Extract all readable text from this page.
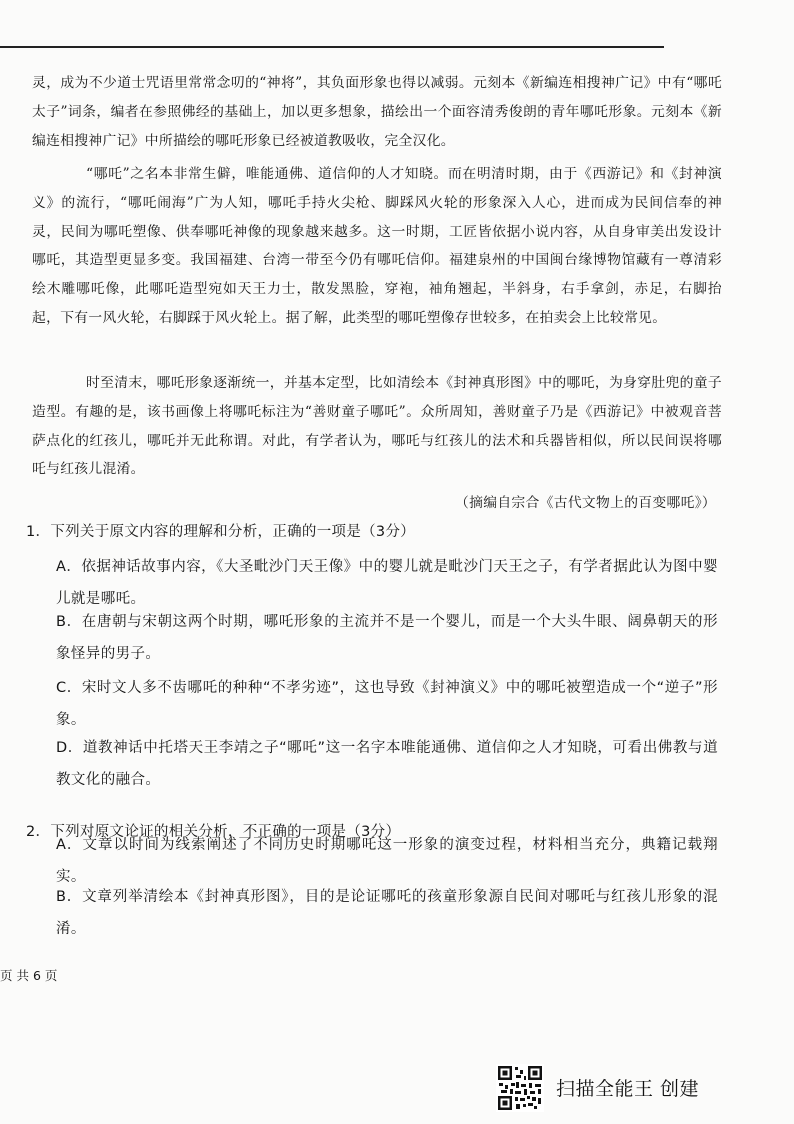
灵，成为不少道士咒语里常常念叨的“神将”，其负面形象也得以减弱。元刻本《新编连相搜神广记》中有“哪吒太子”词条，编者在参照佛经的基础上，加以更多想象，描绘出一个面容清秀俊朗的青年哪吒形象。元刻本《新编连相搜神广记》中所描绘的哪吒形象已经被道教吸收，完全汉化。

“哪吒”之名本非常生僻，唯能通佛、道信仰的人才知晓。而在明清时期，由于《西游记》和《封神演义》的流行，“哪吒闹海”广为人知，哪吒手持火尖枪、脚踩风火轮的形象深入人心，进而成为民间信奉的神灵，民间为哪吒塑像、供奉哪吒神像的现象越来越多。这一时期，工匠皆依据小说内容，从自身审美出发设计哪吒，其造型更显多变。我国福建、台湾一带至今仍有哪吒信仰。福建泉州的中国闽台缘博物馆藏有一尊清彩绘木雕哪吒像，此哪吒造型宛如天王力士，散发黑脸，穿袍，袖角翘起，半斜身，右手拿剑，赤足，右脚抬起，下有一风火轮，右脚踩于风火轮上。据了解，此类型的哪吒塑像存世较多，在拍卖会上比较常见。

时至清末，哪吒形象逐渐统一，并基本定型，比如清绘本《封神真形图》中的哪吒，为身穿肚兜的童子造型。有趣的是，该书画像上将哪吒标注为“善财童子哪吒”。众所周知，善财童子乃是《西游记》中被观音菩萨点化的红孩儿，哪吒并无此称谓。对此，有学者认为，哪吒与红孩儿的法术和兵器皆相似，所以民间误将哪吒与红孩儿混淆。

（摘编自宗合《古代文物上的百变哪吒》）

1．下列关于原文内容的理解和分析，正确的一项是（3分）

A．依据神话故事内容，《大圣毗沙门天王像》中的婴儿就是毗沙门天王之子，有学者据此认为图中婴儿就是哪吒。

B．在唐朝与宋朝这两个时期，哪吒形象的主流并不是一个婴儿，而是一个大头牛眼、阔鼻朝天的形象怪异的男子。

C．宋时文人多不齿哪吒的种种“不孝劣迹”，这也导致《封神演义》中的哪吒被塑造成一个“逆子”形象。

D．道教神话中托塔天王李靖之子“哪吒”这一名字本唯能通佛、道信仰之人才知晓，可看出佛教与道教文化的融合。

2．下列对原文论证的相关分析，不正确的一项是（3分）

A．文章以时间为线索阐述了不同历史时期哪吒这一形象的演变过程，材料相当充分，典籍记载翔实。

B．文章列举清绘本《封神真形图》，目的是论证哪吒的孩童形象源自民间对哪吒与红孩儿形象的混淆。

页 共 6 页
扫描全能王 创建
